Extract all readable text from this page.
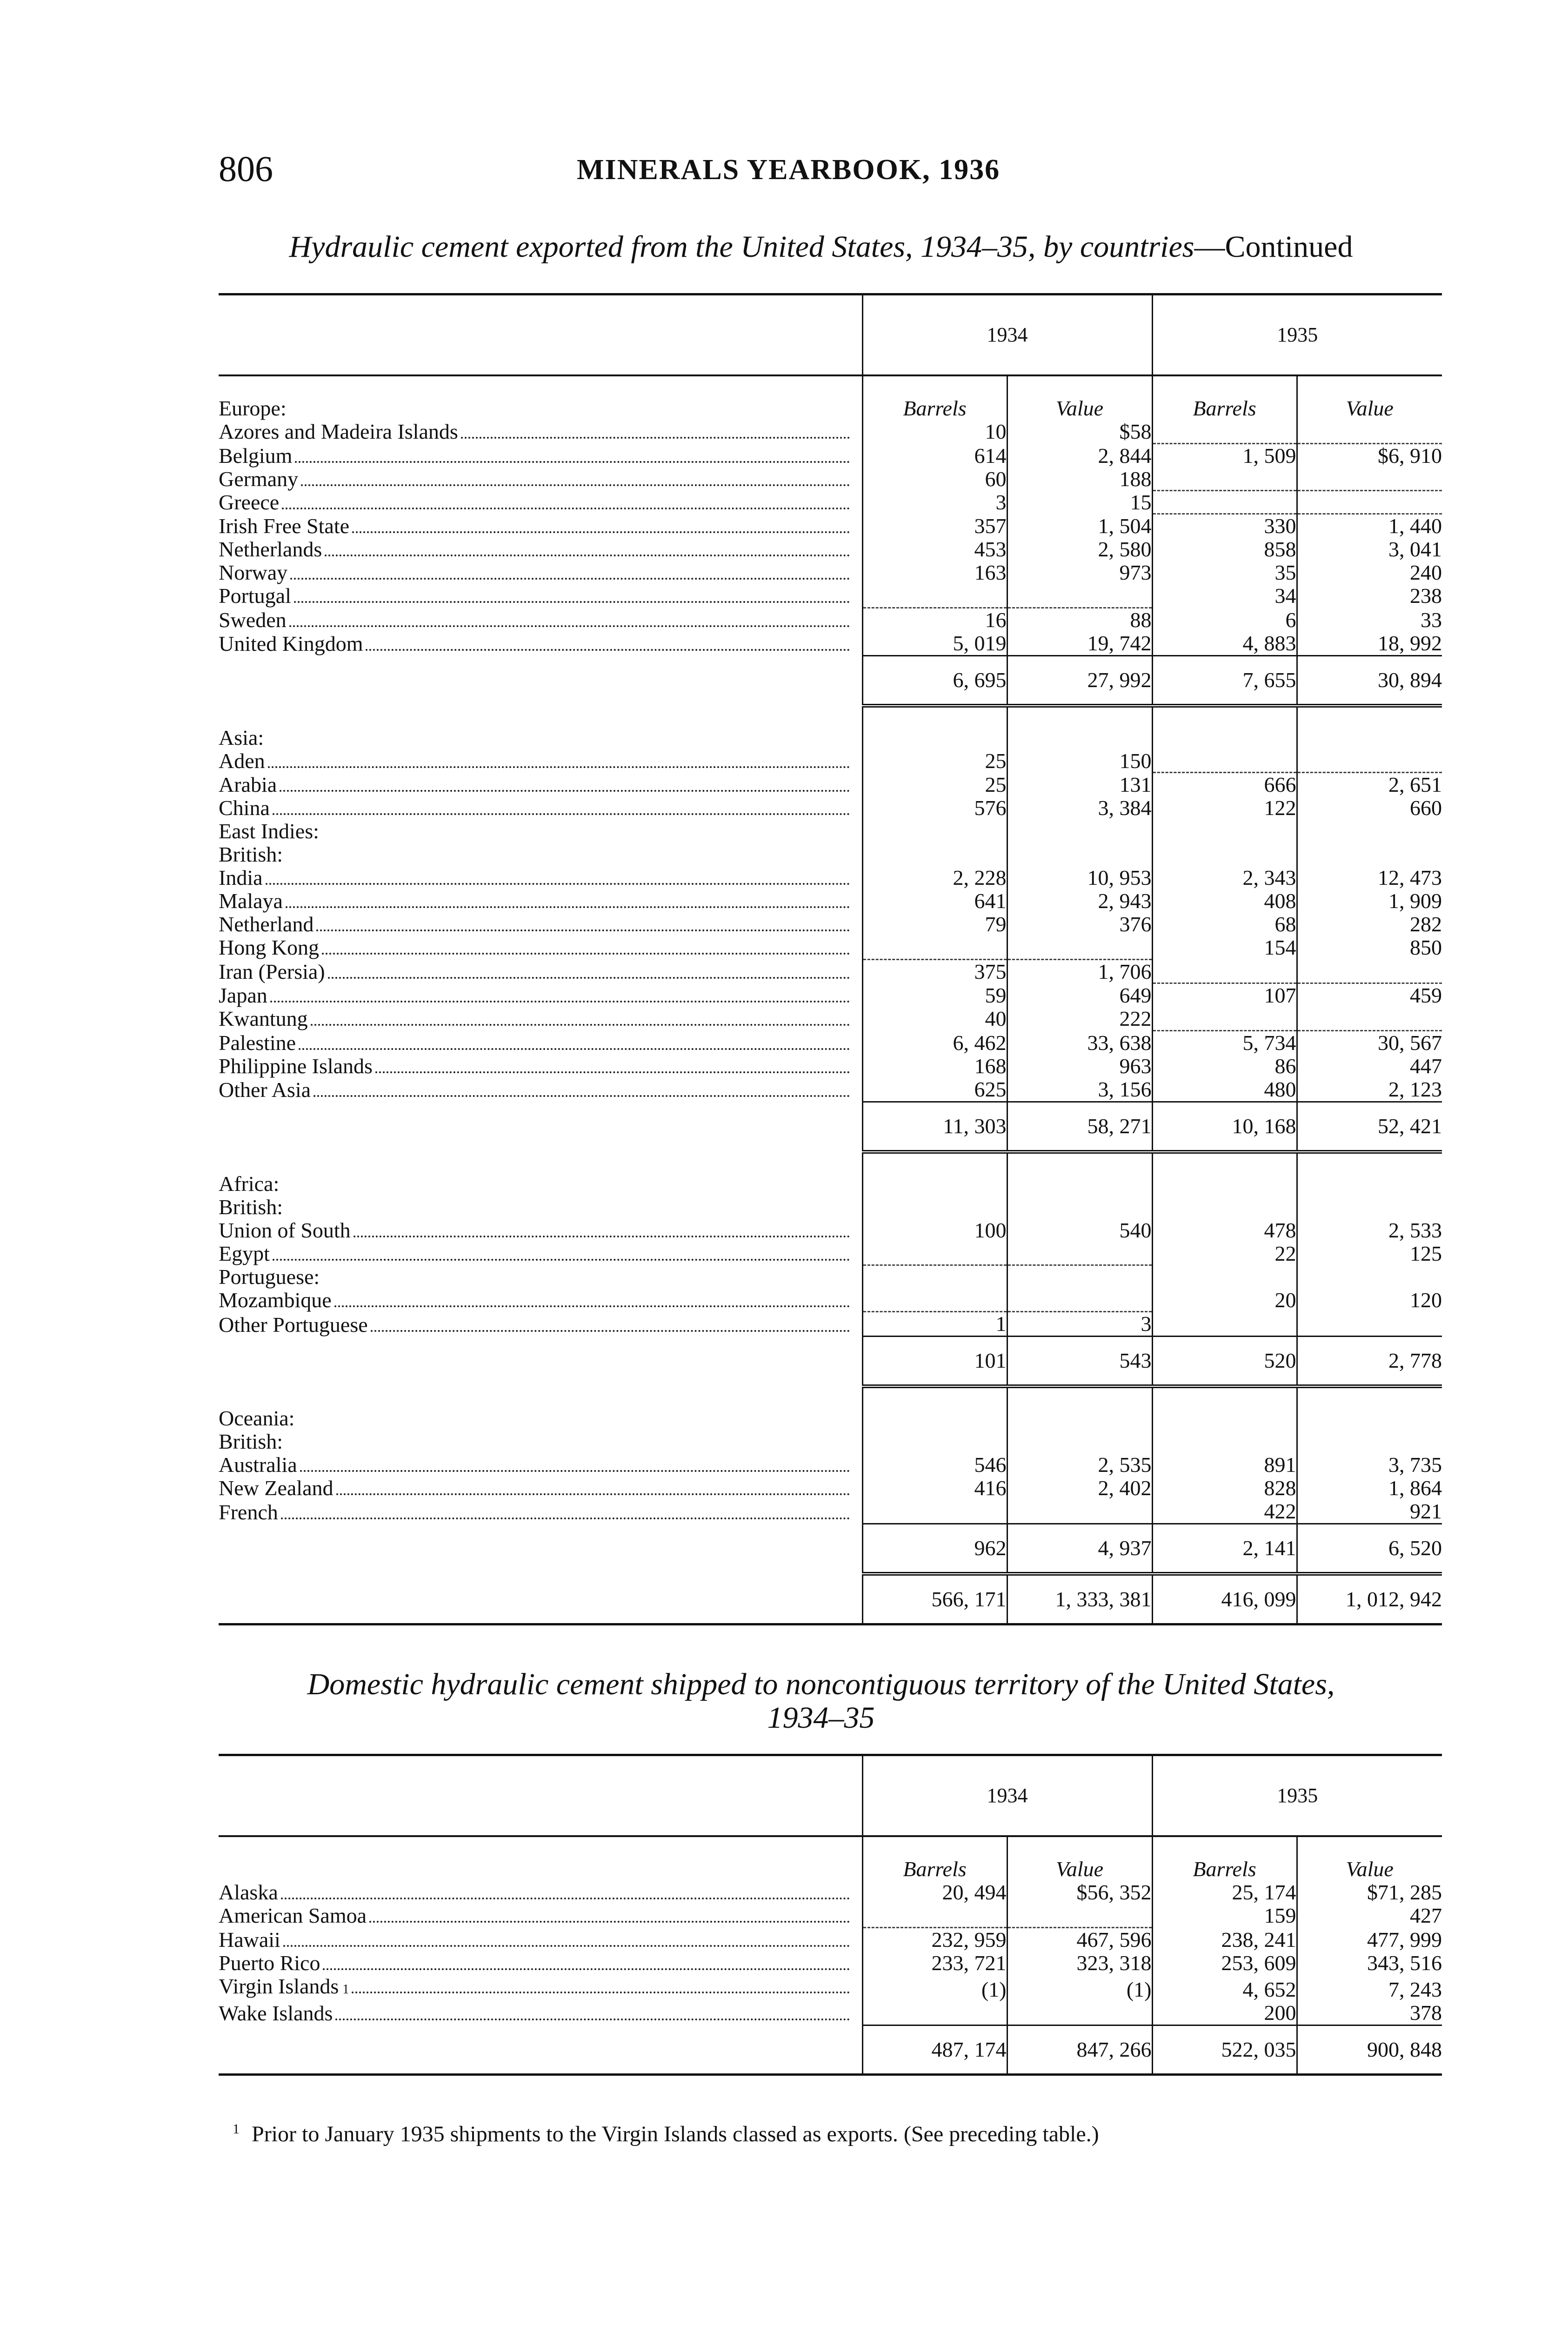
806	MINERALS YEARBOOK, 1936
Hydraulic cement exported from the United States, 1934–35, by countries—Continued
	1934		1935	
Europe:	Barrels	Value	Barrels	Value

Azores and Madeira Islands	10	$58		

Belgium	614	2, 844	1, 509	$6, 910

Germany	60	188		

Greece	3	15		

Irish Free State	357	1, 504	330	1, 440

Netherlands	453	2, 580	858	3, 041

Norway	163	973	35	240

Portugal			34	238

Sweden	16	88	6	33

United Kingdom	5, 019	19, 742	4, 883	18, 992
	6, 695	27, 992	7, 655	30, 894
Asia:				

Aden	25	150		

Arabia	25	131	666	2, 651

China	576	3, 384	122	660

East Indies:				

British:				

India	2, 228	10, 953	2, 343	12, 473

Malaya	641	2, 943	408	1, 909

Netherland	79	376	68	282

Hong Kong			154	850

Iran (Persia)	375	1, 706		

Japan	59	649	107	459

Kwantung	40	222		

Palestine	6, 462	33, 638	5, 734	30, 567

Philippine Islands	168	963	86	447

Other Asia	625	3, 156	480	2, 123
	11, 303	58, 271	10, 168	52, 421
Africa:				

British:				

Union of South	100	540	478	2, 533

Egypt			22	125

Portuguese:				

Mozambique			20	120

Other Portuguese	1	3		
	101	543	520	2, 778
Oceania:				

British:				

Australia	546	2, 535	891	3, 735

New Zealand	416	2, 402	828	1, 864

French			422	921
	962	4, 937	2, 141	6, 520
	566, 171	1, 333, 381	416, 099	1, 012, 942
Domestic hydraulic cement shipped to noncontiguous territory of the United States,
1934–35
	1934		1935	
	Barrels	Value	Barrels	Value

Alaska	20, 494	$56, 352	25, 174	$71, 285

American Samoa			159	427

Hawaii	232, 959	467, 596	238, 241	477, 999

Puerto Rico	233, 721	323, 318	253, 609	343, 516

Virgin Islands 1	(1)	(1)	4, 652	7, 243

Wake Islands			200	378
	487, 174	847, 266	522, 035	900, 848
$^1$ Prior to January 1935 shipments to the Virgin Islands classed as exports. (See preceding table.)
